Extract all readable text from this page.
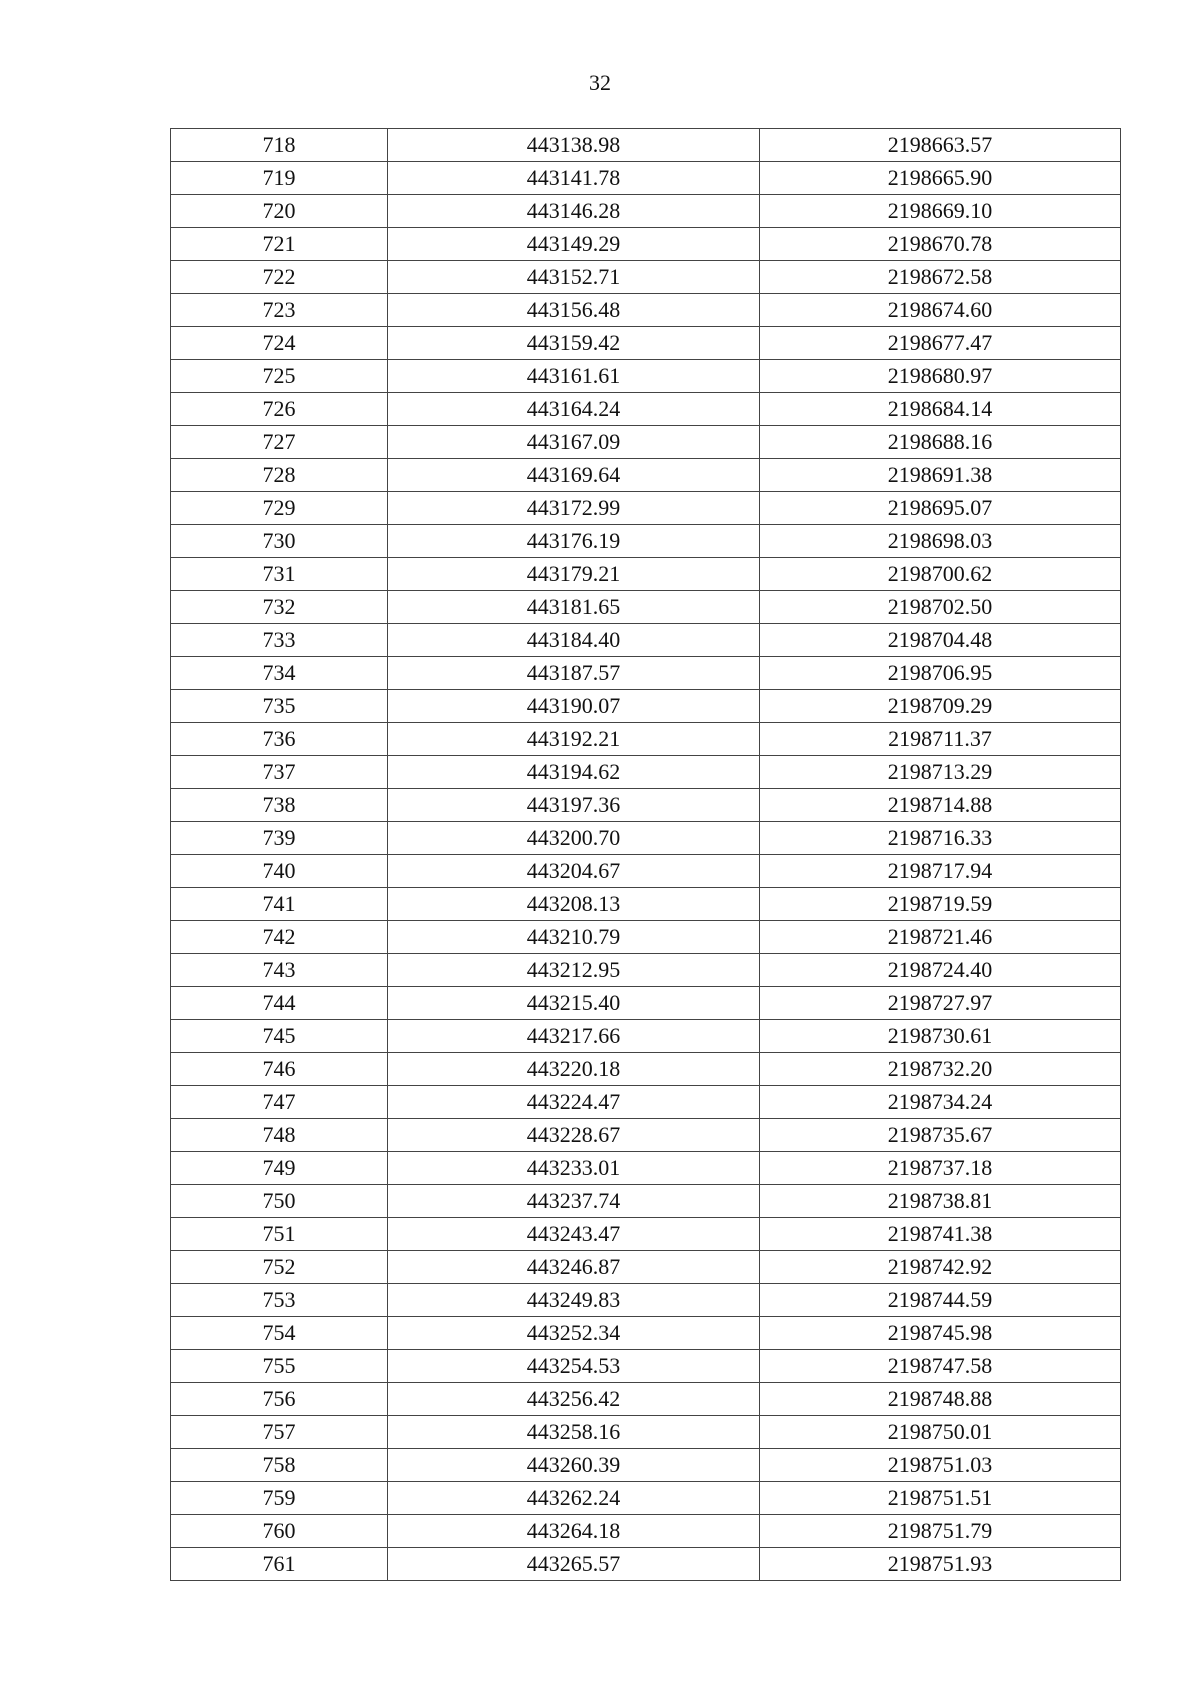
32
718	443138.98	2198663.57
719	443141.78	2198665.90
720	443146.28	2198669.10
721	443149.29	2198670.78
722	443152.71	2198672.58
723	443156.48	2198674.60
724	443159.42	2198677.47
725	443161.61	2198680.97
726	443164.24	2198684.14
727	443167.09	2198688.16
728	443169.64	2198691.38
729	443172.99	2198695.07
730	443176.19	2198698.03
731	443179.21	2198700.62
732	443181.65	2198702.50
733	443184.40	2198704.48
734	443187.57	2198706.95
735	443190.07	2198709.29
736	443192.21	2198711.37
737	443194.62	2198713.29
738	443197.36	2198714.88
739	443200.70	2198716.33
740	443204.67	2198717.94
741	443208.13	2198719.59
742	443210.79	2198721.46
743	443212.95	2198724.40
744	443215.40	2198727.97
745	443217.66	2198730.61
746	443220.18	2198732.20
747	443224.47	2198734.24
748	443228.67	2198735.67
749	443233.01	2198737.18
750	443237.74	2198738.81
751	443243.47	2198741.38
752	443246.87	2198742.92
753	443249.83	2198744.59
754	443252.34	2198745.98
755	443254.53	2198747.58
756	443256.42	2198748.88
757	443258.16	2198750.01
758	443260.39	2198751.03
759	443262.24	2198751.51
760	443264.18	2198751.79
761	443265.57	2198751.93
